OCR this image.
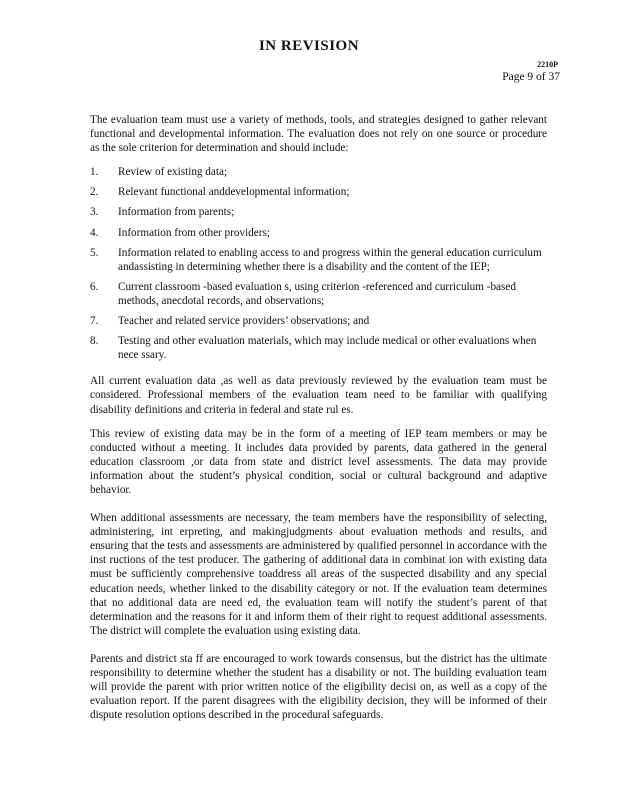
IN REVISION
2210P
Page 9 of 37

The evaluation team must use a variety of methods, tools, and strategies designed to gather relevant functional and developmental information. The evaluation does not rely on one source or procedure as the sole criterion for determination and should include:

1. Review of existing data;
2. Relevant functional anddevelopmental information;
3. Information from parents;
4. Information from other providers;
5. Information related to enabling access to and progress within the general education curriculum andassisting in determining whether there is a disability and the content of the IEP;
6. Current classroom -based evaluation s, using criterion -referenced and curriculum -based methods, anecdotal records, and observations;
7. Teacher and related service providers’ observations; and
8. Testing and other evaluation materials, which may include medical or other evaluations when nece ssary.

All current evaluation data ,as well as data previously reviewed by the evaluation team must be considered. Professional members of the evaluation team need to be familiar with qualifying disability definitions and criteria in federal and state rul es.

This review of existing data may be in the form of a meeting of IEP team members or may be conducted without a meeting. It includes data provided by parents, data gathered in the general education classroom ,or data from state and district level assessments. The data may provide information about the student’s physical condition, social or cultural background and adaptive behavior.

When additional assessments are necessary, the team members have the responsibility of selecting, administering, int erpreting, and makingjudgments about evaluation methods and results, and ensuring that the tests and assessments are administered by qualified personnel in accordance with the inst ructions of the test producer. The gathering of additional data in combinat ion with existing data must be sufficiently comprehensive toaddress all areas of the suspected disability and any special education needs, whether linked to the disability category or not. If the evaluation team determines that no additional data are need ed, the evaluation team will notify the student’s parent of that determination and the reasons for it and inform them of their right to request additional assessments. The district will complete the evaluation using existing data.

Parents and district sta ff are encouraged to work towards consensus, but the district has the ultimate responsibility to determine whether the student has a disability or not. The building evaluation team will provide the parent with prior written notice of the eligibility decisi on, as well as a copy of the evaluation report. If the parent disagrees with the eligibility decision, they will be informed of their dispute resolution options described in the procedural safeguards.
